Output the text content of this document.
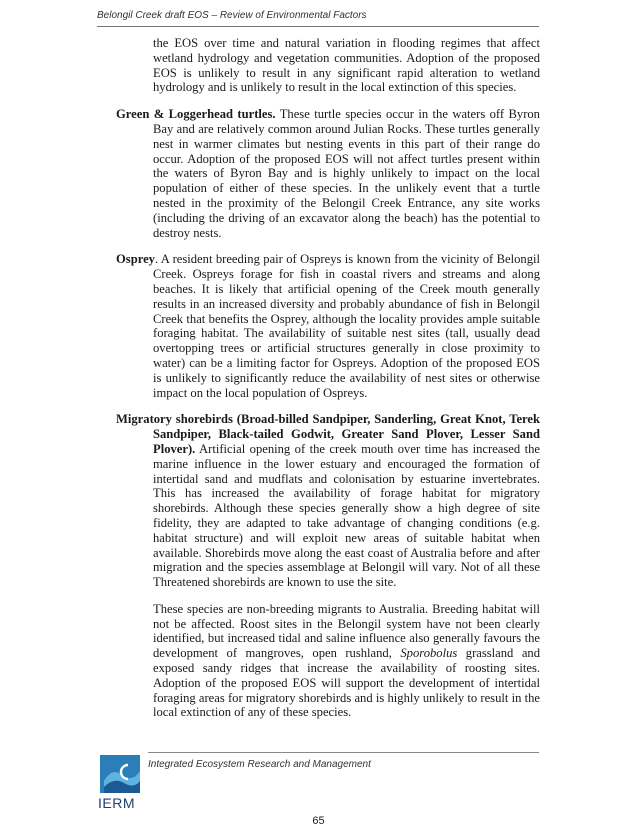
Belongil Creek draft EOS – Review of Environmental Factors

the EOS over time and natural variation in flooding regimes that affect wetland hydrology and vegetation communities. Adoption of the proposed EOS is unlikely to result in any significant rapid alteration to wetland hydrology and is unlikely to result in the local extinction of this species.

Green & Loggerhead turtles. These turtle species occur in the waters off Byron Bay and are relatively common around Julian Rocks. These turtles generally nest in warmer climates but nesting events in this part of their range do occur. Adoption of the proposed EOS will not affect turtles present within the waters of Byron Bay and is highly unlikely to impact on the local population of either of these species. In the unlikely event that a turtle nested in the proximity of the Belongil Creek Entrance, any site works (including the driving of an excavator along the beach) has the potential to destroy nests.

Osprey. A resident breeding pair of Ospreys is known from the vicinity of Belongil Creek. Ospreys forage for fish in coastal rivers and streams and along beaches. It is likely that artificial opening of the Creek mouth generally results in an increased diversity and probably abundance of fish in Belongil Creek that benefits the Osprey, although the locality provides ample suitable foraging habitat. The availability of suitable nest sites (tall, usually dead overtopping trees or artificial structures generally in close proximity to water) can be a limiting factor for Ospreys. Adoption of the proposed EOS is unlikely to significantly reduce the availability of nest sites or otherwise impact on the local population of Ospreys.

Migratory shorebirds (Broad-billed Sandpiper, Sanderling, Great Knot, Terek Sandpiper, Black-tailed Godwit, Greater Sand Plover, Lesser Sand Plover). Artificial opening of the creek mouth over time has increased the marine influence in the lower estuary and encouraged the formation of intertidal sand and mudflats and colonisation by estuarine invertebrates. This has increased the availability of forage habitat for migratory shorebirds. Although these species generally show a high degree of site fidelity, they are adapted to take advantage of changing conditions (e.g. habitat structure) and will exploit new areas of suitable habitat when available. Shorebirds move along the east coast of Australia before and after migration and the species assemblage at Belongil will vary. Not of all these Threatened shorebirds are known to use the site.

These species are non-breeding migrants to Australia. Breeding habitat will not be affected. Roost sites in the Belongil system have not been clearly identified, but increased tidal and saline influence also generally favours the development of mangroves, open rushland, Sporobolus grassland and exposed sandy ridges that increase the availability of roosting sites. Adoption of the proposed EOS will support the development of intertidal foraging areas for migratory shorebirds and is highly unlikely to result in the local extinction of any of these species.

Integrated Ecosystem Research and Management
IERM
65
